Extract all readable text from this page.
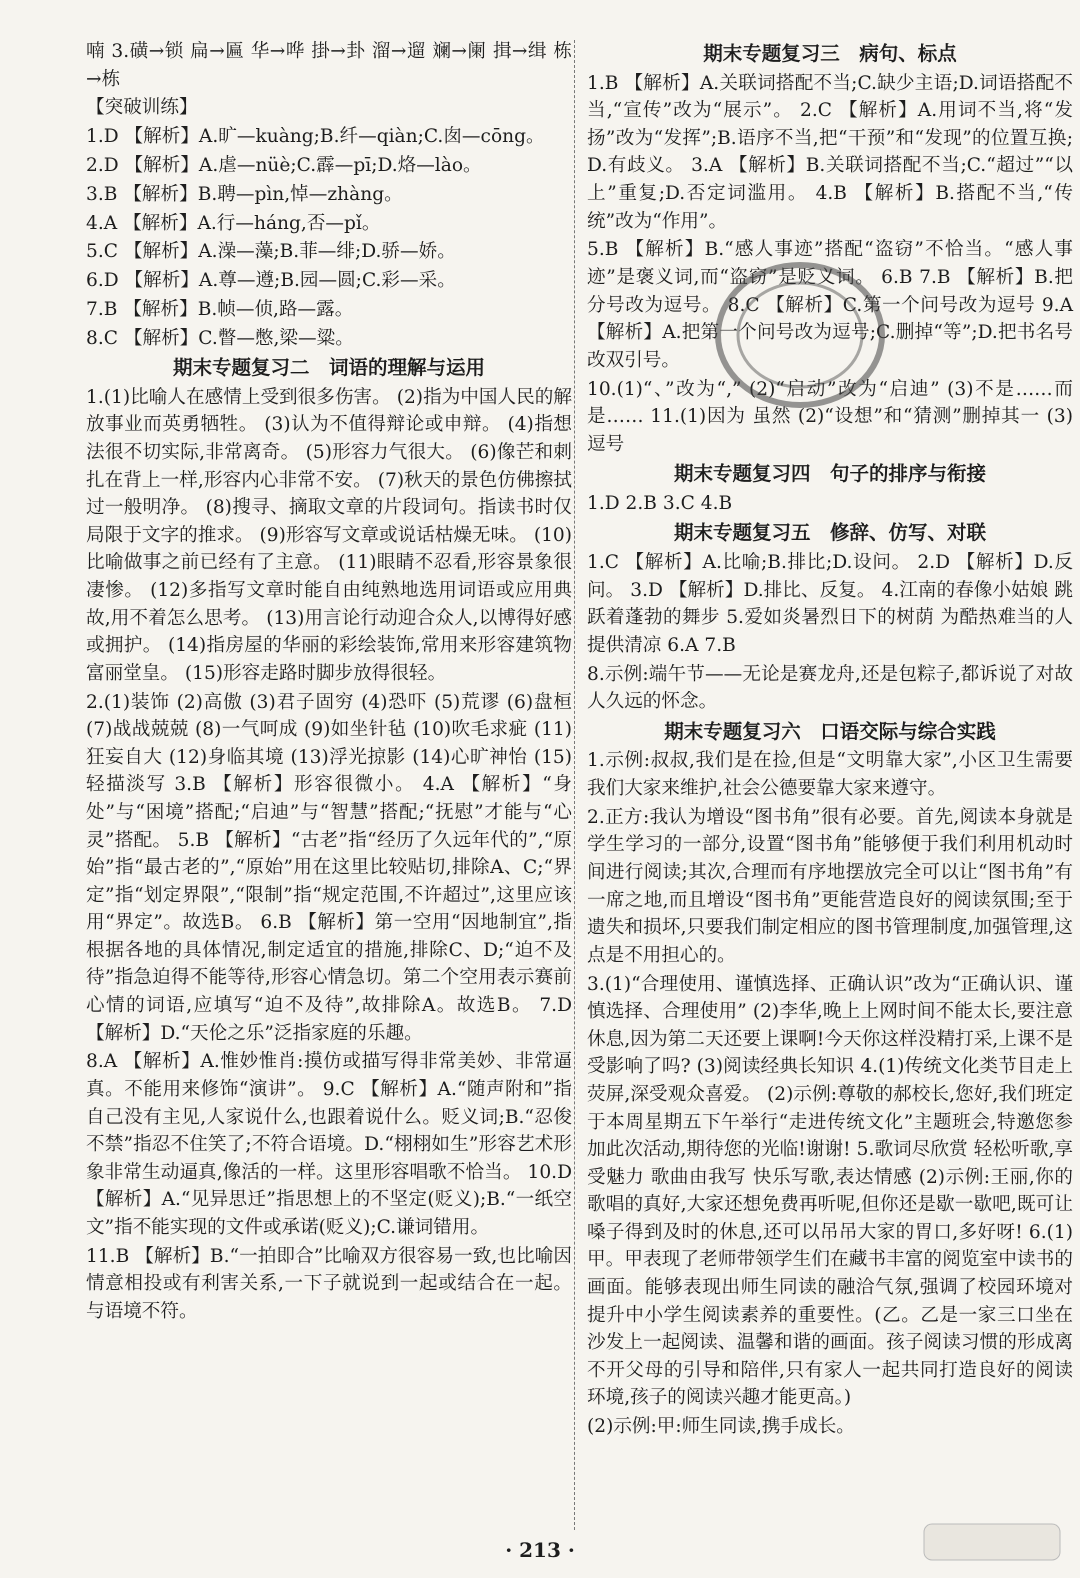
喃 3.磺→锁 扁→匾 华→哗 掛→卦 溜→遛 斓→阑 揖→缉 栋→栋
【突破训练】
1.D 【解析】A.旷—kuàng;B.纤—qiàn;C.囱—cōng。
2.D 【解析】A.虐—nüè;C.霹—pī;D.烙—lào。
3.B 【解析】B.聘—pìn,悼—zhàng。
4.A 【解析】A.行—háng,否—pǐ。
5.C 【解析】A.澡—藻;B.菲—绯;D.骄—娇。
6.D 【解析】A.尊—遵;B.园—圆;C.彩—采。
7.B 【解析】B.帧—侦,路—露。
8.C 【解析】C.瞥—憋,梁—粱。
期末专题复习二　词语的理解与运用
1.(1)比喻人在感情上受到很多伤害。 (2)指为中国人民的解放事业而英勇牺牲。 (3)认为不值得辩论或申辩。 (4)指想法很不切实际,非常离奇。 (5)形容力气很大。 (6)像芒和刺扎在背上一样,形容内心非常不安。 (7)秋天的景色仿佛擦拭过一般明净。 (8)搜寻、摘取文章的片段词句。指读书时仅局限于文字的推求。 (9)形容写文章或说话枯燥无味。 (10)比喻做事之前已经有了主意。 (11)眼睛不忍看,形容景象很凄惨。 (12)多指写文章时能自由纯熟地选用词语或应用典故,用不着怎么思考。 (13)用言论行动迎合众人,以博得好感或拥护。 (14)指房屋的华丽的彩绘装饰,常用来形容建筑物富丽堂皇。 (15)形容走路时脚步放得很轻。
2.(1)装饰 (2)高傲 (3)君子固穷 (4)恐吓 (5)荒谬 (6)盘桓 (7)战战兢兢 (8)一气呵成 (9)如坐针毡 (10)吹毛求疵 (11)狂妄自大 (12)身临其境 (13)浮光掠影 (14)心旷神怡 (15)轻描淡写 3.B 【解析】形容很微小。 4.A 【解析】“身处”与“困境”搭配;“启迪”与“智慧”搭配;“抚慰”才能与“心灵”搭配。 5.B 【解析】“古老”指“经历了久远年代的”,“原始”指“最古老的”,“原始”用在这里比较贴切,排除A、C;“界定”指“划定界限”,“限制”指“规定范围,不许超过”,这里应该用“界定”。故选B。 6.B 【解析】第一空用“因地制宜”,指根据各地的具体情况,制定适宜的措施,排除C、D;“迫不及待”指急迫得不能等待,形容心情急切。第二个空用表示赛前心情的词语,应填写“迫不及待”,故排除A。故选B。 7.D 【解析】D.“天伦之乐”泛指家庭的乐趣。
8.A 【解析】A.惟妙惟肖:摸仿或描写得非常美妙、非常逼真。不能用来修饰“演讲”。 9.C 【解析】A.“随声附和”指自己没有主见,人家说什么,也跟着说什么。贬义词;B.“忍俊不禁”指忍不住笑了;不符合语境。D.“栩栩如生”形容艺术形象非常生动逼真,像活的一样。这里形容唱歌不恰当。 10.D 【解析】A.“见异思迁”指思想上的不坚定(贬义);B.“一纸空文”指不能实现的文件或承诺(贬义);C.谦词错用。
11.B 【解析】B.“一拍即合”比喻双方很容易一致,也比喻因情意相投或有利害关系,一下子就说到一起或结合在一起。与语境不符。
期末专题复习三　病句、标点
1.B 【解析】A.关联词搭配不当;C.缺少主语;D.词语搭配不当,“宣传”改为“展示”。 2.C 【解析】A.用词不当,将“发扬”改为“发挥”;B.语序不当,把“干预”和“发现”的位置互换;D.有歧义。 3.A 【解析】B.关联词搭配不当;C.“超过”“以上”重复;D.否定词滥用。 4.B 【解析】B.搭配不当,“传统”改为“作用”。
5.B 【解析】B.“感人事迹”搭配“盗窃”不恰当。“感人事迹”是褒义词,而“盗窃”是贬义词。 6.B 7.B 【解析】B.把分号改为逗号。 8.C 【解析】C.第一个问号改为逗号 9.A 【解析】A.把第一个问号改为逗号;C.删掉“等”;D.把书名号改双引号。
10.(1)“、”改为“,” (2)“启动”改为“启迪” (3)不是……而是…… 11.(1)因为 虽然 (2)“设想”和“猜测”删掉其一 (3)逗号
期末专题复习四　句子的排序与衔接
1.D 2.B 3.C 4.B
期末专题复习五　修辞、仿写、对联
1.C 【解析】A.比喻;B.排比;D.设问。 2.D 【解析】D.反问。 3.D 【解析】D.排比、反复。 4.江南的春像小姑娘 跳跃着蓬勃的舞步 5.爱如炎暑烈日下的树荫 为酷热难当的人提供清凉 6.A 7.B
8.示例:端午节——无论是赛龙舟,还是包粽子,都诉说了对故人久远的怀念。
期末专题复习六　口语交际与综合实践
1.示例:叔叔,我们是在捡,但是“文明靠大家”,小区卫生需要我们大家来维护,社会公德要靠大家来遵守。
2.正方:我认为增设“图书角”很有必要。首先,阅读本身就是学生学习的一部分,设置“图书角”能够便于我们利用机动时间进行阅读;其次,合理而有序地摆放完全可以让“图书角”有一席之地,而且增设“图书角”更能营造良好的阅读氛围;至于遗失和损坏,只要我们制定相应的图书管理制度,加强管理,这点是不用担心的。
3.(1)“合理使用、谨慎选择、正确认识”改为“正确认识、谨慎选择、合理使用” (2)李华,晚上上网时间不能太长,要注意休息,因为第二天还要上课啊!今天你这样没精打采,上课不是受影响了吗? (3)阅读经典长知识 4.(1)传统文化类节目走上荧屏,深受观众喜爱。 (2)示例:尊敬的郝校长,您好,我们班定于本周星期五下午举行“走进传统文化”主题班会,特邀您参加此次活动,期待您的光临!谢谢! 5.歌词尽欣赏 轻松听歌,享受魅力 歌曲由我写 快乐写歌,表达情感 (2)示例:王丽,你的歌唱的真好,大家还想免费再听呢,但你还是歇一歇吧,既可让嗓子得到及时的休息,还可以吊吊大家的胃口,多好呀! 6.(1)甲。甲表现了老师带领学生们在藏书丰富的阅览室中读书的画面。能够表现出师生同读的融洽气氛,强调了校园环境对提升中小学生阅读素养的重要性。(乙。乙是一家三口坐在沙发上一起阅读、温馨和谐的画面。孩子阅读习惯的形成离不开父母的引导和陪伴,只有家人一起共同打造良好的阅读环境,孩子的阅读兴趣才能更高。)
(2)示例:甲:师生同读,携手成长。
· 213 ·
